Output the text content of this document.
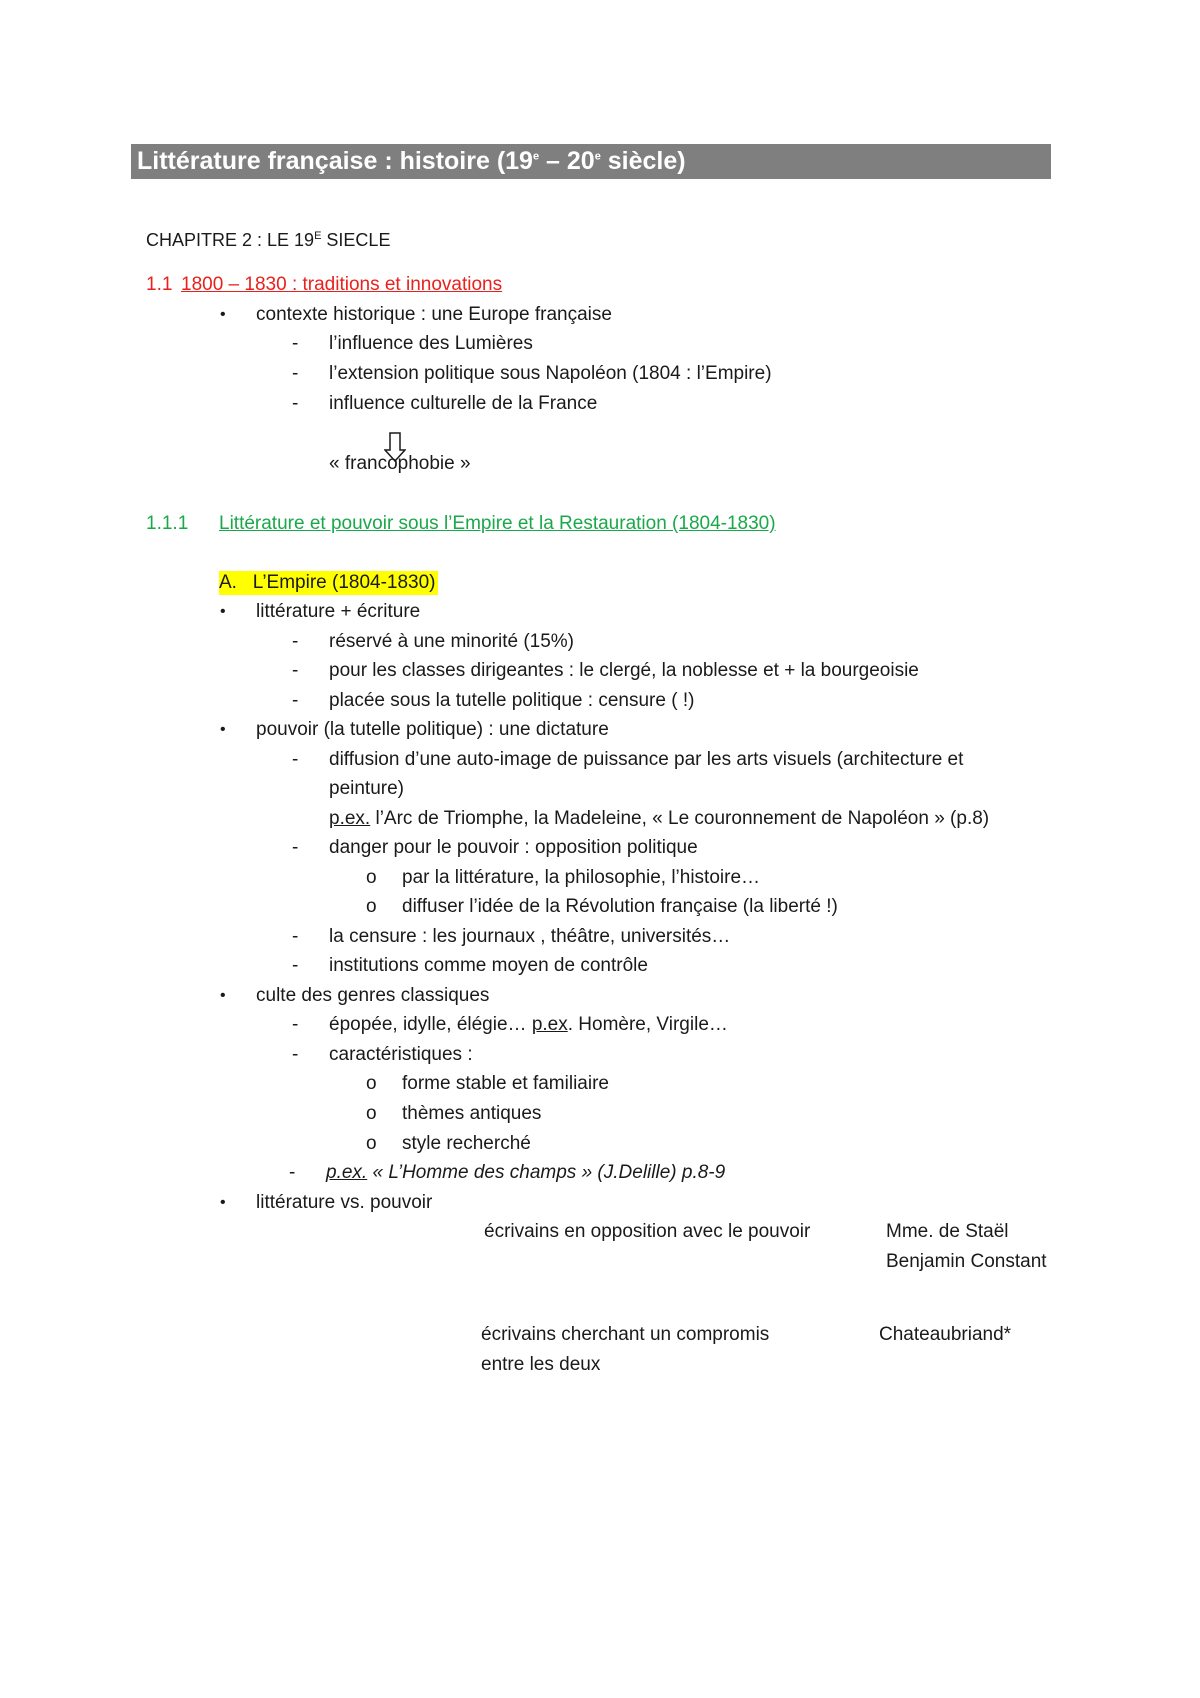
Littérature française : histoire (19e – 20e siècle)
CHAPITRE 2 : LE $19^E$ SIECLE
1.1 1800 – 1830 : traditions et innovations
• contexte historique : une Europe française
- l’influence des Lumières
- l’extension politique sous Napoléon (1804 : l’Empire)
- influence culturelle de la France
« francophobie »
1.1.1 Littérature et pouvoir sous l’Empire et la Restauration (1804-1830)
A. L’Empire (1804-1830)
• littérature + écriture
- réservé à une minorité (15%)
- pour les classes dirigeantes : le clergé, la noblesse et + la bourgeoisie
- placée sous la tutelle politique : censure ( !)
• pouvoir (la tutelle politique) : une dictature
- diffusion d’une auto-image de puissance par les arts visuels (architecture et
peinture)
p.ex. l’Arc de Triomphe, la Madeleine, « Le couronnement de Napoléon » (p.8)
- danger pour le pouvoir : opposition politique
o par la littérature, la philosophie, l’histoire…
o diffuser l’idée de la Révolution française (la liberté !)
- la censure : les journaux , théâtre, universités…
- institutions comme moyen de contrôle
• culte des genres classiques
- épopée, idylle, élégie… p.ex. Homère, Virgile…
- caractéristiques :
o forme stable et familiaire
o thèmes antiques
o style recherché
- p.ex. « L’Homme des champs » (J.Delille) p.8-9
• littérature vs. pouvoir
écrivains en opposition avec le pouvoir	Mme. de Staël
Benjamin Constant
écrivains cherchant un compromis
entre les deux
Chateaubriand*
